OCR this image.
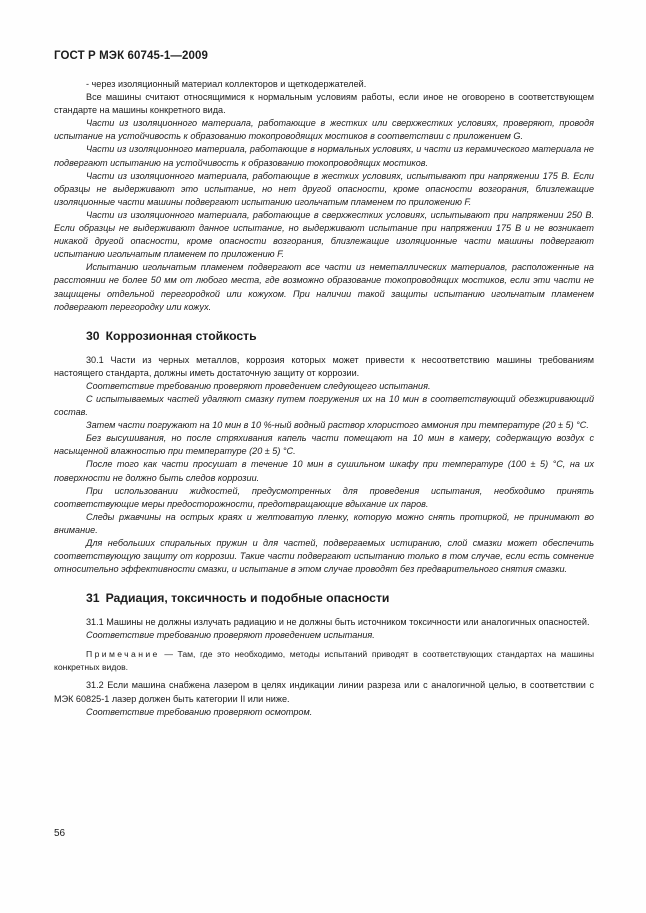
ГОСТ Р МЭК 60745-1—2009

- через изоляционный материал коллекторов и щеткодержателей.

Все машины считают относящимися к нормальным условиям работы, если иное не оговорено в соответствующем стандарте на машины конкретного вида.

Части из изоляционного материала, работающие в жестких или сверхжестких условиях, проверяют, проводя испытание на устойчивость к образованию токопроводящих мостиков в соответствии с приложением G.

Части из изоляционного материала, работающие в нормальных условиях, и части из керамического материала не подвергают испытанию на устойчивость к образованию токопроводящих мостиков.

Части из изоляционного материала, работающие в жестких условиях, испытывают при напряжении 175 В. Если образцы не выдерживают это испытание, но нет другой опасности, кроме опасности возгорания, близлежащие изоляционные части машины подвергают испытанию игольчатым пламенем по приложению F.

Части из изоляционного материала, работающие в сверхжестких условиях, испытывают при напряжении 250 В. Если образцы не выдерживают данное испытание, но выдерживают испытание при напряжении 175 В и не возникает никакой другой опасности, кроме опасности возгорания, близлежащие изоляционные части машины подвергают испытанию игольчатым пламенем по приложению F.

Испытанию игольчатым пламенем подвергают все части из неметаллических материалов, расположенные на расстоянии не более 50 мм от любого места, где возможно образование токопроводящих мостиков, если эти части не защищены отдельной перегородкой или кожухом. При наличии такой защиты испытанию игольчатым пламенем подвергают перегородку или кожух.

30 Коррозионная стойкость

30.1 Части из черных металлов, коррозия которых может привести к несоответствию машины требованиям настоящего стандарта, должны иметь достаточную защиту от коррозии.

Соответствие требованию проверяют проведением следующего испытания.

С испытываемых частей удаляют смазку путем погружения их на 10 мин в соответствующий обезжиривающий состав.

Затем части погружают на 10 мин в 10 %-ный водный раствор хлористого аммония при температуре (20 ± 5) °С.

Без высушивания, но после стряхивания капель части помещают на 10 мин в камеру, содержащую воздух с насыщенной влажностью при температуре (20 ± 5) °С.

После того как части просушат в течение 10 мин в сушильном шкафу при температуре (100 ± 5) °С, на их поверхности не должно быть следов коррозии.

При использовании жидкостей, предусмотренных для проведения испытания, необходимо принять соответствующие меры предосторожности, предотвращающие вдыхание их паров.

Следы ржавчины на острых краях и желтоватую пленку, которую можно снять протиркой, не принимают во внимание.

Для небольших спиральных пружин и для частей, подвергаемых истиранию, слой смазки может обеспечить соответствующую защиту от коррозии. Такие части подвергают испытанию только в том случае, если есть сомнение относительно эффективности смазки, и испытание в этом случае проводят без предварительного снятия смазки.

31 Радиация, токсичность и подобные опасности

31.1 Машины не должны излучать радиацию и не должны быть источником токсичности или аналогичных опасностей.

Соответствие требованию проверяют проведением испытания.

Примечание — Там, где это необходимо, методы испытаний приводят в соответствующих стандартах на машины конкретных видов.

31.2 Если машина снабжена лазером в целях индикации линии разреза или с аналогичной целью, в соответствии с МЭК 60825-1 лазер должен быть категории II или ниже.

Соответствие требованию проверяют осмотром.

56
